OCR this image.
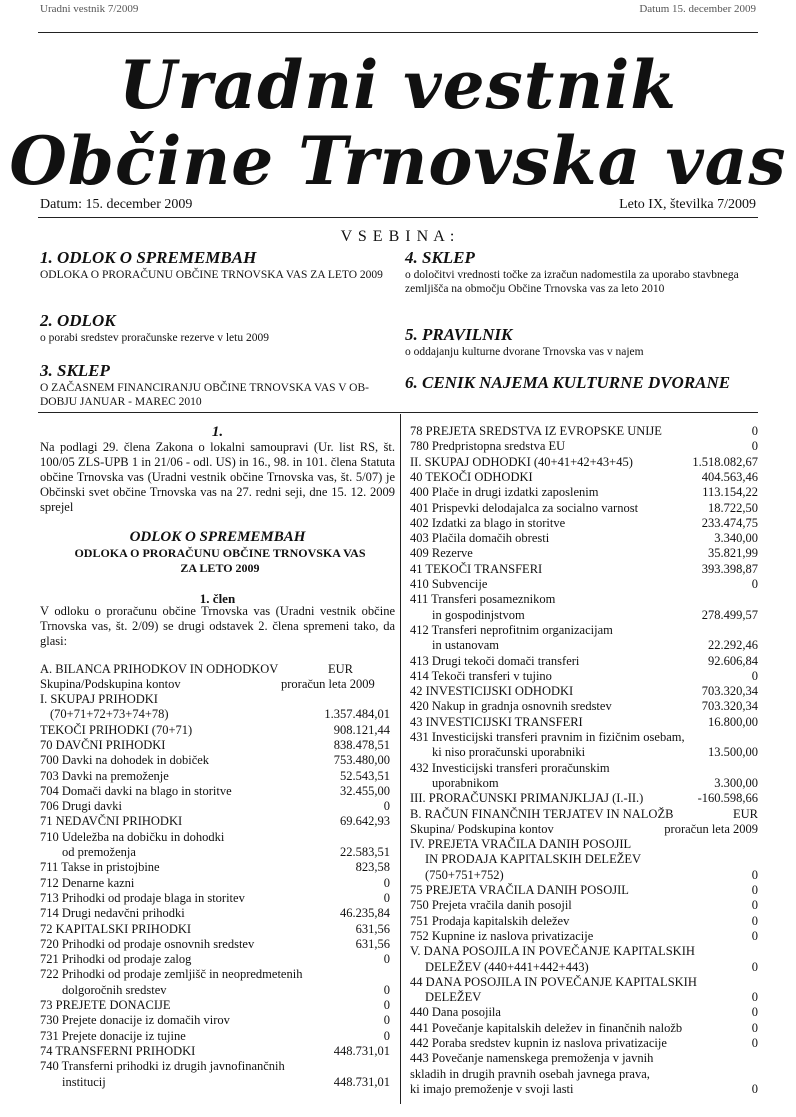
Uradni vestnik 7/2009	Datum 15. december 2009
Uradni vestnik
Občine Trnovska vas
Datum: 15. december 2009	Leto IX, številka 7/2009
V S E B I N A :
1. ODLOK O SPREMEMBAH
ODLOKA O PRORAČUNU OBČINE TRNOVSKA VAS ZA LETO 2009
2. ODLOK
o porabi sredstev proračunske rezerve v letu 2009
3. SKLEP
O ZAČASNEM FINANCIRANJU OBČINE TRNOVSKA VAS V OB-DOBJU JANUAR - MAREC 2010
4. SKLEP
o določitvi vrednosti točke za izračun nadomestila za uporabo stavbnega zemljišča na območju Občine Trnovska vas za leto 2010
5. PRAVILNIK
o oddajanju kulturne dvorane Trnovska vas v najem
6. CENIK NAJEMA KULTURNE DVORANE
1.
Na podlagi 29. člena Zakona o lokalni samoupravi (Ur. list RS, št. 100/05 ZLS-UPB 1 in 21/06 - odl. US) in 16., 98. in 101. člena Statuta občine Trnovska vas (Uradni vestnik občine Trnovska vas, št. 5/07) je Občinski svet občine Trnovska vas na 27. redni seji, dne 15. 12. 2009 sprejel
ODLOK O SPREMEMBAH
ODLOKA O PRORAČUNU OBČINE TRNOVSKA VAS ZA LETO 2009
1. člen
V odloku o proračunu občine Trnovska vas (Uradni vestnik občine Trnovska vas, št. 2/09) se drugi odstavek 2. člena spremeni tako, da glasi:
A. BILANCA PRIHODKOV IN ODHODKOV	EUR
Skupina/Podskupina kontov	proračun leta 2009
I. SKUPAJ PRIHODKI
(70+71+72+73+74+78)	1.357.484,01
TEKOČI PRIHODKI (70+71)	908.121,44
70 DAVČNI PRIHODKI	838.478,51
700 Davki na dohodek in dobiček	753.480,00
703 Davki na premoženje	52.543,51
704 Domači davki na blago in storitve	32.455,00
706 Drugi davki	0
71 NEDAVČNI PRIHODKI	69.642,93
710 Udeležba na dobičku in dohodki
od premoženja	22.583,51
711 Takse in pristojbine	823,58
712 Denarne kazni	0
713 Prihodki od prodaje blaga in storitev	0
714 Drugi nedavčni prihodki	46.235,84
72 KAPITALSKI PRIHODKI	631,56
720 Prihodki od prodaje osnovnih sredstev	631,56
721 Prihodki od prodaje zalog	0
722 Prihodki od prodaje zemljišč in neopredmetenih
dolgoročnih sredstev	0
73 PREJETE DONACIJE	0
730 Prejete donacije iz domačih virov	0
731 Prejete donacije iz tujine	0
74 TRANSFERNI PRIHODKI	448.731,01
740 Transferni prihodki iz drugih javnofinančnih
institucij	448.731,01
78 PREJETA SREDSTVA IZ EVROPSKE UNIJE	0
780 Predpristopna sredstva EU	0
II. SKUPAJ ODHODKI (40+41+42+43+45)	1.518.082,67
40 TEKOČI ODHODKI	404.563,46
400 Plače in drugi izdatki zaposlenim	113.154,22
401 Prispevki delodajalca za socialno varnost	18.722,50
402 Izdatki za blago in storitve	233.474,75
403 Plačila domačih obresti	3.340,00
409 Rezerve	35.821,99
41 TEKOČI TRANSFERI	393.398,87
410 Subvencije	0
411 Transferi posameznikom
in gospodinjstvom	278.499,57
412 Transferi neprofitnim organizacijam
in ustanovam	22.292,46
413 Drugi tekoči domači transferi	92.606,84
414 Tekoči transferi v tujino	0
42 INVESTICIJSKI ODHODKI	703.320,34
420 Nakup in gradnja osnovnih sredstev	703.320,34
43 INVESTICIJSKI TRANSFERI	16.800,00
431 Investicijski transferi pravnim in fizičnim osebam,
ki niso proračunski uporabniki	13.500,00
432 Investicijski transferi proračunskim
uporabnikom	3.300,00
III. PRORAČUNSKI PRIMANJKLJAJ (I.-II.)	-160.598,66
B. RAČUN FINANČNIH TERJATEV IN NALOŽB	EUR
Skupina/ Podskupina kontov	proračun leta 2009
IV. PREJETA VRAČILA DANIH POSOJIL
IN PRODAJA KAPITALSKIH DELEŽEV
(750+751+752)	0
75 PREJETA VRAČILA DANIH POSOJIL	0
750 Prejeta vračila danih posojil	0
751 Prodaja kapitalskih deležev	0
752 Kupnine iz naslova privatizacije	0
V. DANA POSOJILA IN POVEČANJE KAPITALSKIH
DELEŽEV (440+441+442+443)	0
44 DANA POSOJILA IN POVEČANJE KAPITALSKIH
DELEŽEV	0
440 Dana posojila	0
441 Povečanje kapitalskih deležev in finančnih naložb	0
442 Poraba sredstev kupnin iz naslova privatizacije	0
443 Povečanje namenskega premoženja v javnih
skladih in drugih pravnih osebah javnega prava,
ki imajo premoženje v svoji lasti	0
